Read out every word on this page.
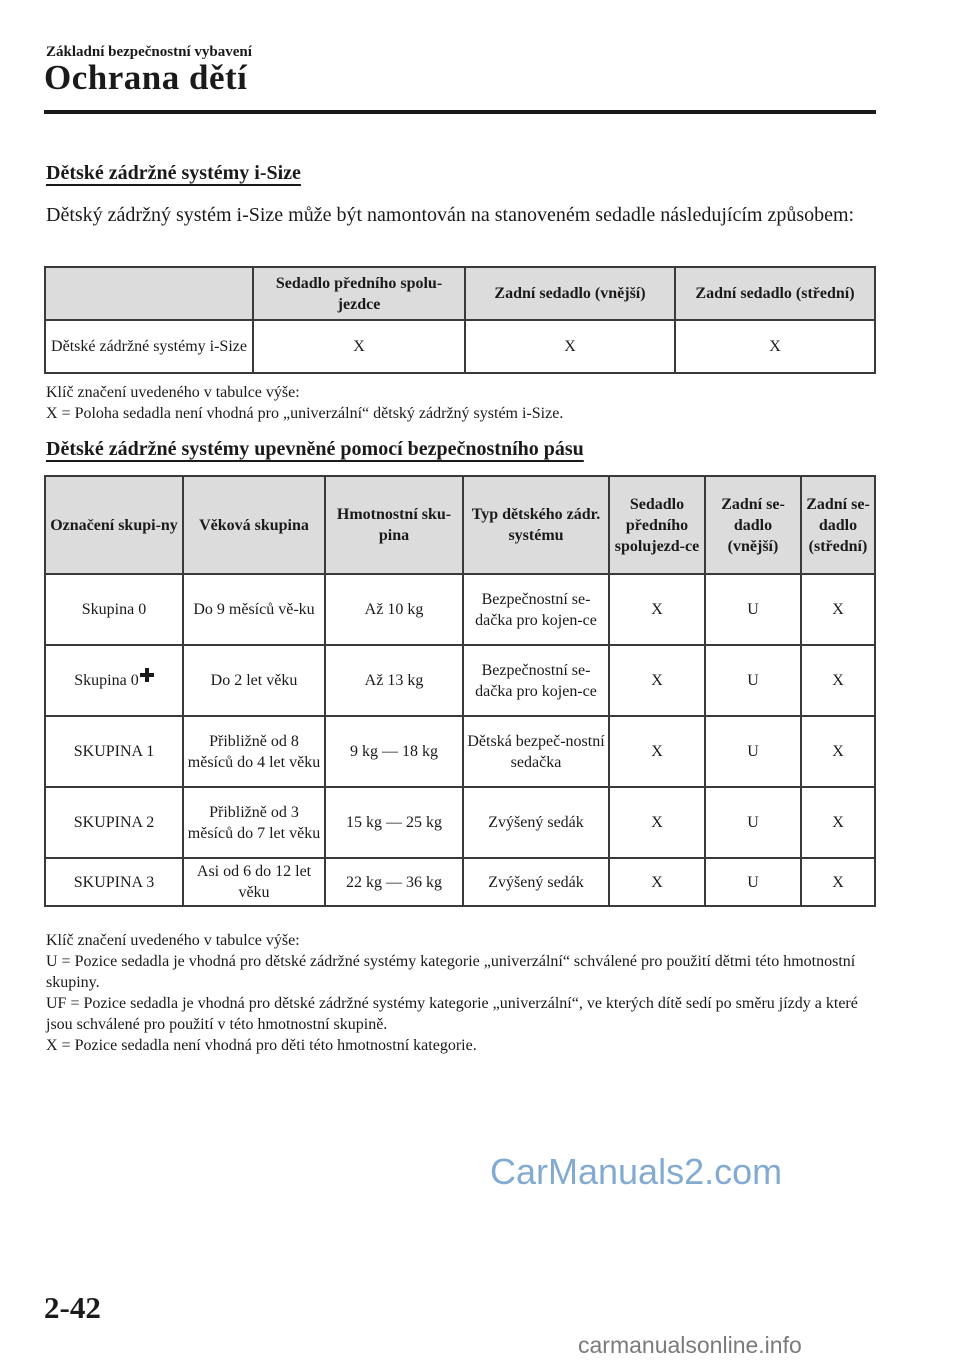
Základní bezpečnostní vybavení
Ochrana dětí
Dětské zádržné systémy i-Size
Dětský zádržný systém i-Size může být namontován na stanoveném sedadle následujícím způsobem:
	Sedadlo předního spolu-jezdce	Zadní sedadlo (vnější)	Zadní sedadlo (střední)
Dětské zádržné systémy i-Size	X	X	X
Klíč značení uvedeného v tabulce výše:
X = Poloha sedadla není vhodná pro „univerzální“ dětský zádržný systém i-Size.
Dětské zádržné systémy upevněné pomocí bezpečnostního pásu
Označení skupi-ny	Věková skupina	Hmotnostní sku-pina	Typ dětského zádr. systému	Sedadlo předního spolujezd-ce	Zadní se-dadlo (vnější)	Zadní se-dadlo (střední)
Skupina 0	Do 9 měsíců vě-ku	Až 10 kg	Bezpečnostní se-dačka pro kojen-ce	X	U	X
Skupina 0	Do 2 let věku	Až 13 kg	Bezpečnostní se-dačka pro kojen-ce	X	U	X
SKUPINA 1	Přibližně od 8 měsíců do 4 let věku	9 kg — 18 kg	Dětská bezpeč-nostní sedačka	X	U	X
SKUPINA 2	Přibližně od 3 měsíců do 7 let věku	15 kg — 25 kg	Zvýšený sedák	X	U	X
SKUPINA 3	Asi od 6 do 12 let věku	22 kg — 36 kg	Zvýšený sedák	X	U	X
Klíč značení uvedeného v tabulce výše:
U = Pozice sedadla je vhodná pro dětské zádržné systémy kategorie „univerzální“ schválené pro použití dětmi této hmotnostní skupiny.
UF = Pozice sedadla je vhodná pro dětské zádržné systémy kategorie „univerzální“, ve kterých dítě sedí po směru jízdy a které jsou schválené pro použití v této hmotnostní skupině.
X = Pozice sedadla není vhodná pro děti této hmotnostní kategorie.
CarManuals2.com
2-42
carmanualsonline.info
